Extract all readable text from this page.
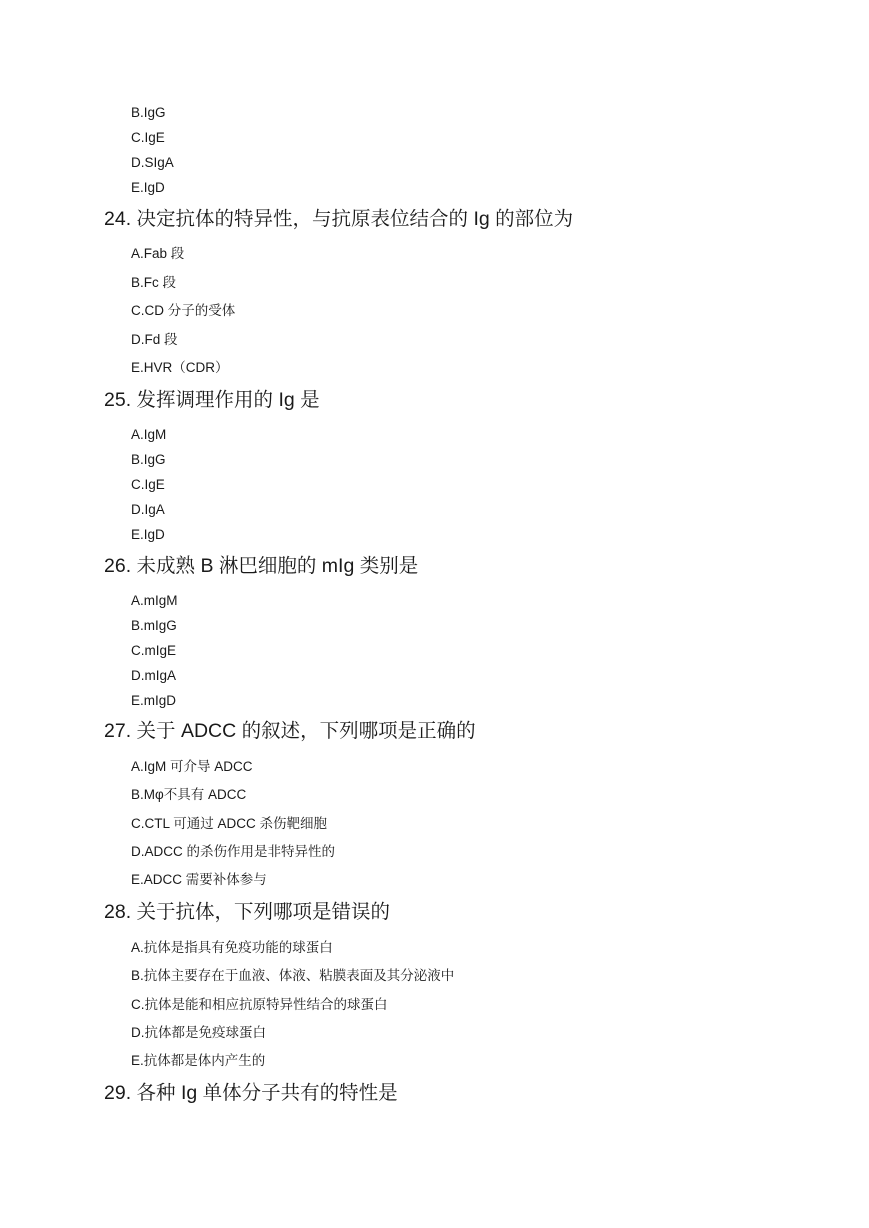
B.IgG
C.IgE
D.SIgA
E.IgD
24. 决定抗体的特异性，与抗原表位结合的 Ig 的部位为
A.Fab 段
B.Fc 段
C.CD 分子的受体
D.Fd 段
E.HVR（CDR）
25. 发挥调理作用的 Ig 是
A.IgM
B.IgG
C.IgE
D.IgA
E.IgD
26. 未成熟 B 淋巴细胞的 mIg 类别是
A.mIgM
B.mIgG
C.mIgE
D.mIgA
E.mIgD
27. 关于 ADCC 的叙述，下列哪项是正确的
A.IgM 可介导 ADCC
B.Mφ不具有 ADCC
C.CTL 可通过 ADCC 杀伤靶细胞
D.ADCC 的杀伤作用是非特异性的
E.ADCC 需要补体参与
28. 关于抗体，下列哪项是错误的
A.抗体是指具有免疫功能的球蛋白
B.抗体主要存在于血液、体液、粘膜表面及其分泌液中
C.抗体是能和相应抗原特异性结合的球蛋白
D.抗体都是免疫球蛋白
E.抗体都是体内产生的
29. 各种 Ig 单体分子共有的特性是
